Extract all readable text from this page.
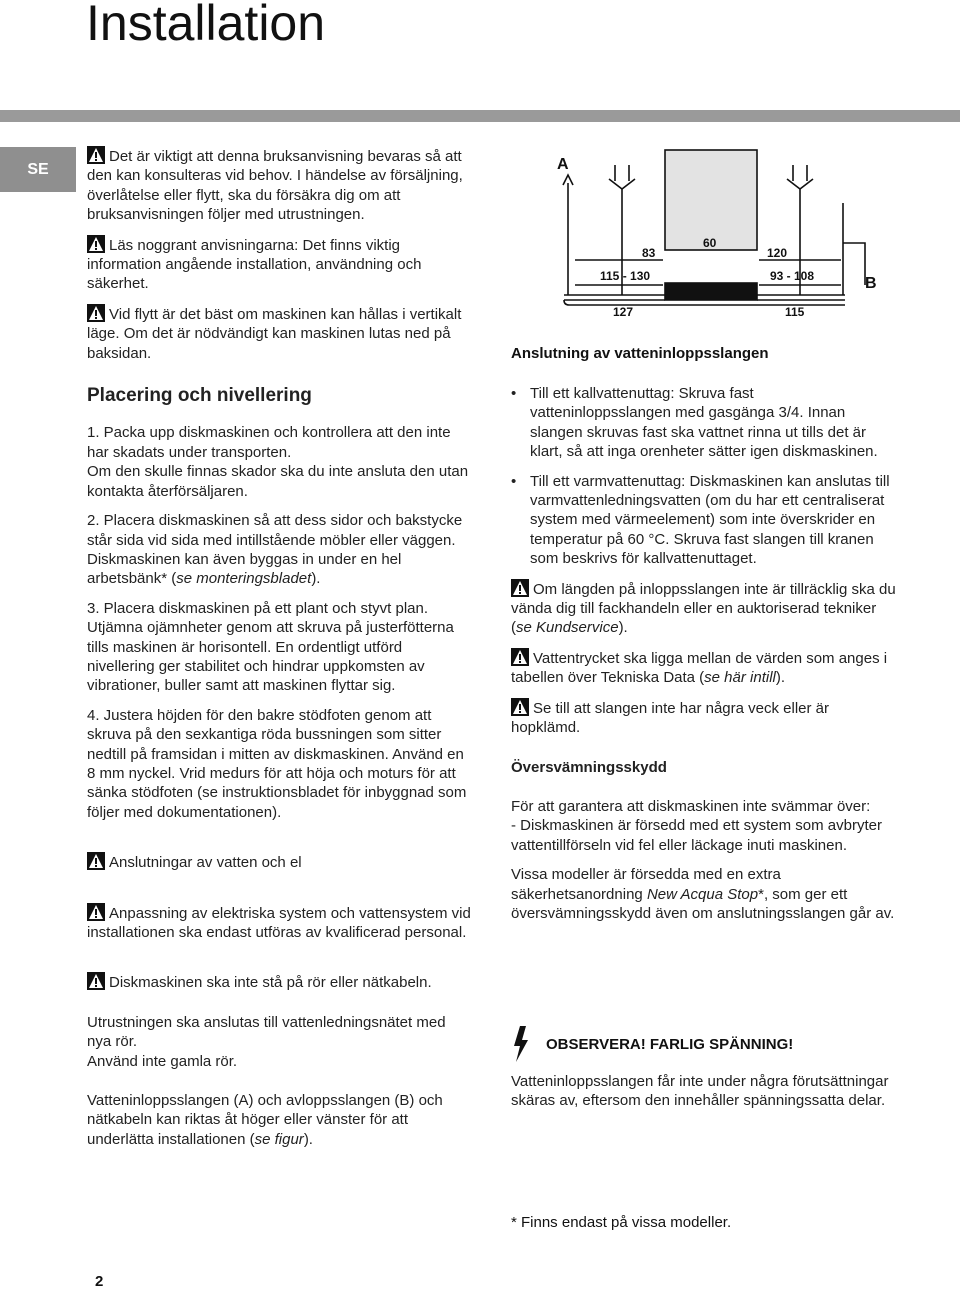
Installation
SE

Det är viktigt att denna bruksanvisning bevaras så att den kan konsulteras vid behov. I händelse av försäljning, överlåtelse eller flytt, ska du försäkra dig om att bruksanvisningen följer med utrustningen.

Läs noggrant anvisningarna: Det finns viktig information angående installation, användning och säkerhet.

Vid flytt är det bäst om maskinen kan hållas i vertikalt läge. Om det är nödvändigt kan maskinen lutas ned på baksidan.

Placering och nivellering

1. Packa upp diskmaskinen och kontrollera att den inte har skadats under transporten.

Om den skulle finnas skador ska du inte ansluta den utan kontakta återförsäljaren.

2. Placera diskmaskinen så att dess sidor och bakstycke står sida vid sida med intillstående möbler eller väggen. Diskmaskinen kan även byggas in under en hel arbetsbänk* (se monteringsbladet).

3. Placera diskmaskinen på ett plant och styvt plan. Utjämna ojämnheter genom att skruva på justerfötterna tills maskinen är horisontell. En ordentligt utförd nivellering ger stabilitet och hindrar uppkomsten av vibrationer, buller samt att maskinen flyttar sig.

4. Justera höjden för den bakre stödfoten genom att skruva på den sexkantiga röda bussningen som sitter nedtill på framsidan i mitten av diskmaskinen. Använd en 8 mm nyckel. Vrid medurs för att höja och moturs för att sänka stödfoten (se instruktionsbladet för inbyggnad som följer med dokumentationen).

Anslutningar av vatten och el

Anpassning av elektriska system och vattensystem vid installationen ska endast utföras av kvalificerad personal.

Diskmaskinen ska inte stå på rör eller nätkabeln.

Utrustningen ska anslutas till vattenledningsnätet med nya rör.

Använd inte gamla rör.

Vatteninloppsslangen (A) och avloppsslangen (B) och nätkabeln kan riktas åt höger eller vänster för att underlätta installationen (se figur).

A
B
83
60
120
115 - 130	93 - 108
127	115
Anslutning av vatteninloppsslangen

• Till ett kallvattenuttag: Skruva fast vatteninloppsslangen med gasgänga 3/4. Innan slangen skruvas fast ska vattnet rinna ut tills det är klart, så att inga orenheter sätter igen diskmaskinen.

• Till ett varmvattenuttag: Diskmaskinen kan anslutas till varmvattenledningsvatten (om du har ett centraliserat system med värmeelement) som inte överskrider en temperatur på 60 °C. Skruva fast slangen till kranen som beskrivs för kallvattenuttaget.

Om längden på inloppsslangen inte är tillräcklig ska du vända dig till fackhandeln eller en auktoriserad tekniker (se Kundservice).

Vattentrycket ska ligga mellan de värden som anges i tabellen över Tekniska Data (se här intill).

Se till att slangen inte har några veck eller är hopklämd.

Översvämningsskydd

För att garantera att diskmaskinen inte svämmar över:

- Diskmaskinen är försedd med ett system som avbryter vattentillförseln vid fel eller läckage inuti maskinen.

Vissa modeller är försedda med en extra säkerhetsanordning New Acqua Stop*, som ger ett översvämningsskydd även om anslutningsslangen går av.

OBSERVERA! FARLIG SPÄNNING!

Vatteninloppsslangen får inte under några förutsättningar skäras av, eftersom den innehåller spänningssatta delar.

* Finns endast på vissa modeller.
2
